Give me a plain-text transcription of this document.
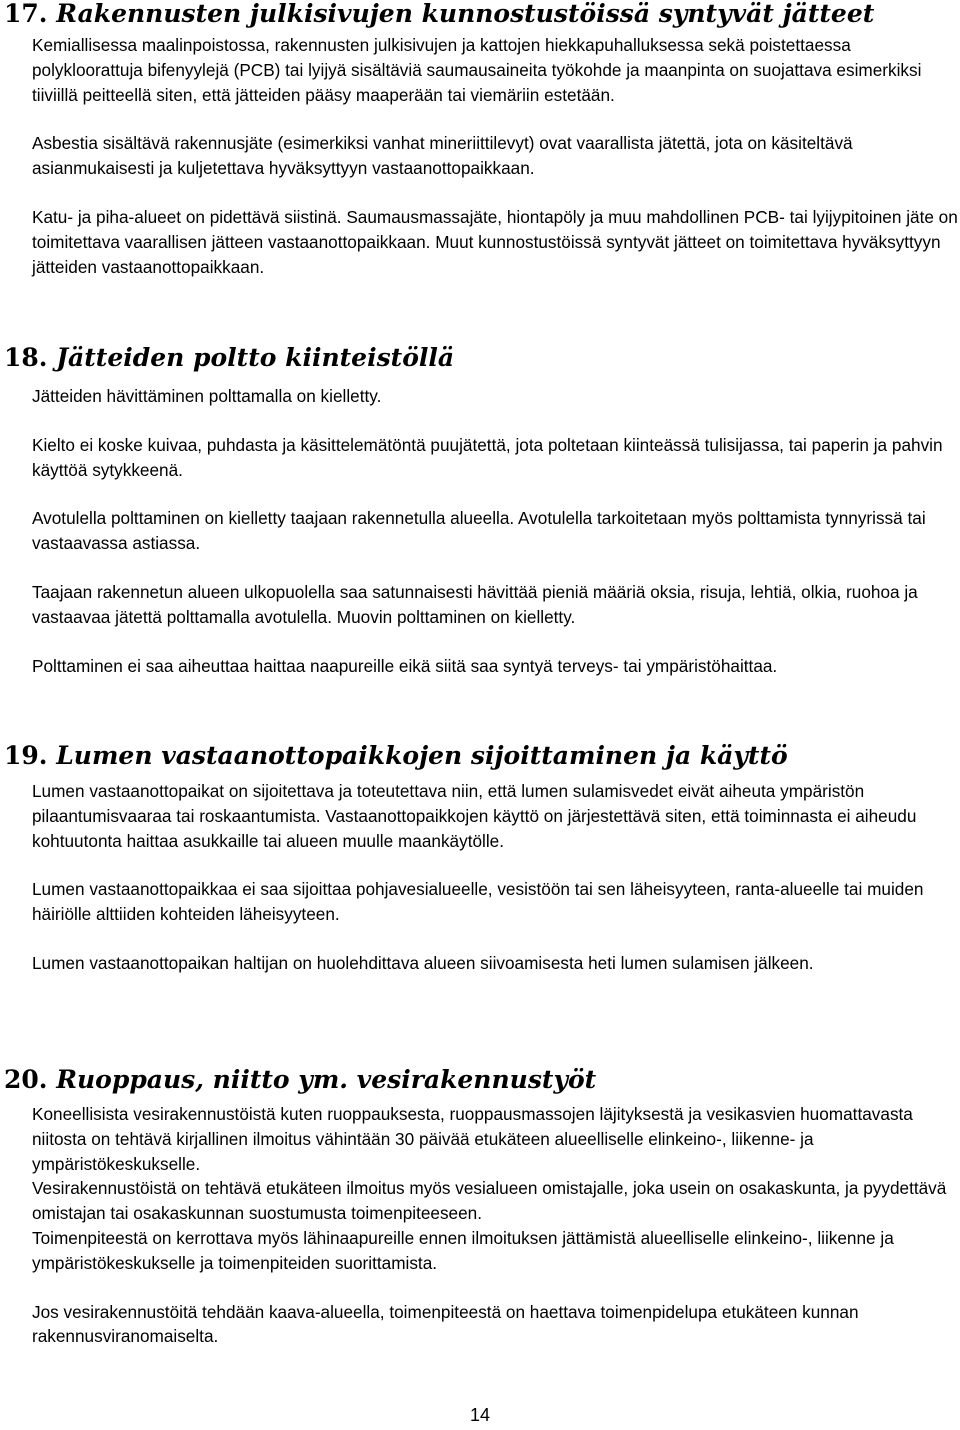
17. Rakennusten julkisivujen kunnostustöissä syntyvät jätteet

Kemiallisessa maalinpoistossa, rakennusten julkisivujen ja kattojen hiekkapuhalluksessa sekä poistettaessa polykloorattuja bifenyylejä (PCB) tai lyijyä sisältäviä saumausaineita työkohde ja maanpinta on suojattava esimerkiksi tiiviillä peitteellä siten, että jätteiden pääsy maaperään tai viemäriin estetään.

Asbestia sisältävä rakennusjäte (esimerkiksi vanhat mineriittilevyt) ovat vaarallista jätettä, jota on käsiteltävä asianmukaisesti ja kuljetettava hyväksyttyyn vastaanottopaikkaan.

Katu- ja piha-alueet on pidettävä siistinä. Saumausmassajäte, hiontapöly ja muu mahdollinen PCB- tai lyijypitoinen jäte on toimitettava vaarallisen jätteen vastaanottopaikkaan. Muut kunnostustöissä syntyvät jätteet on toimitettava hyväksyttyyn jätteiden vastaanottopaikkaan.

18. Jätteiden poltto kiinteistöllä

Jätteiden hävittäminen polttamalla on kielletty.

Kielto ei koske kuivaa, puhdasta ja käsittelemätöntä puujätettä, jota poltetaan kiinteässä tulisijassa, tai paperin ja pahvin käyttöä sytykkeenä.

Avotulella polttaminen on kielletty taajaan rakennetulla alueella. Avotulella tarkoitetaan myös polttamista tynnyrissä tai vastaavassa astiassa.

Taajaan rakennetun alueen ulkopuolella saa satunnaisesti hävittää pieniä määriä oksia, risuja, lehtiä, olkia, ruohoa ja vastaavaa jätettä polttamalla avotulella. Muovin polttaminen on kielletty.

Polttaminen ei saa aiheuttaa haittaa naapureille eikä siitä saa syntyä terveys- tai ympäristöhaittaa.

19. Lumen vastaanottopaikkojen sijoittaminen ja käyttö

Lumen vastaanottopaikat on sijoitettava ja toteutettava niin, että lumen sulamisvedet eivät aiheuta ympäristön pilaantumisvaaraa tai roskaantumista. Vastaanottopaikkojen käyttö on järjestettävä siten, että toiminnasta ei aiheudu kohtuutonta haittaa asukkaille tai alueen muulle maankäytölle.

Lumen vastaanottopaikkaa ei saa sijoittaa pohjavesialueelle, vesistöön tai sen läheisyyteen, ranta-alueelle tai muiden häiriölle alttiiden kohteiden läheisyyteen.

Lumen vastaanottopaikan haltijan on huolehdittava alueen siivoamisesta heti lumen sulamisen jälkeen.

20. Ruoppaus, niitto ym. vesirakennustyöt

Koneellisista vesirakennustöistä kuten ruoppauksesta, ruoppausmassojen läjityksestä ja vesikasvien huomattavasta niitosta on tehtävä kirjallinen ilmoitus vähintään 30 päivää etukäteen alueelliselle elinkeino-, liikenne- ja ympäristökeskukselle.

Vesirakennustöistä on tehtävä etukäteen ilmoitus myös vesialueen omistajalle, joka usein on osakaskunta, ja pyydettävä omistajan tai osakaskunnan suostumusta toimenpiteeseen.

Toimenpiteestä on kerrottava myös lähinaapureille ennen ilmoituksen jättämistä alueelliselle elinkeino-, liikenne ja ympäristökeskukselle ja toimenpiteiden suorittamista.

Jos vesirakennustöitä tehdään kaava-alueella, toimenpiteestä on haettava toimenpidelupa etukäteen kunnan rakennusviranomaiselta.

14
